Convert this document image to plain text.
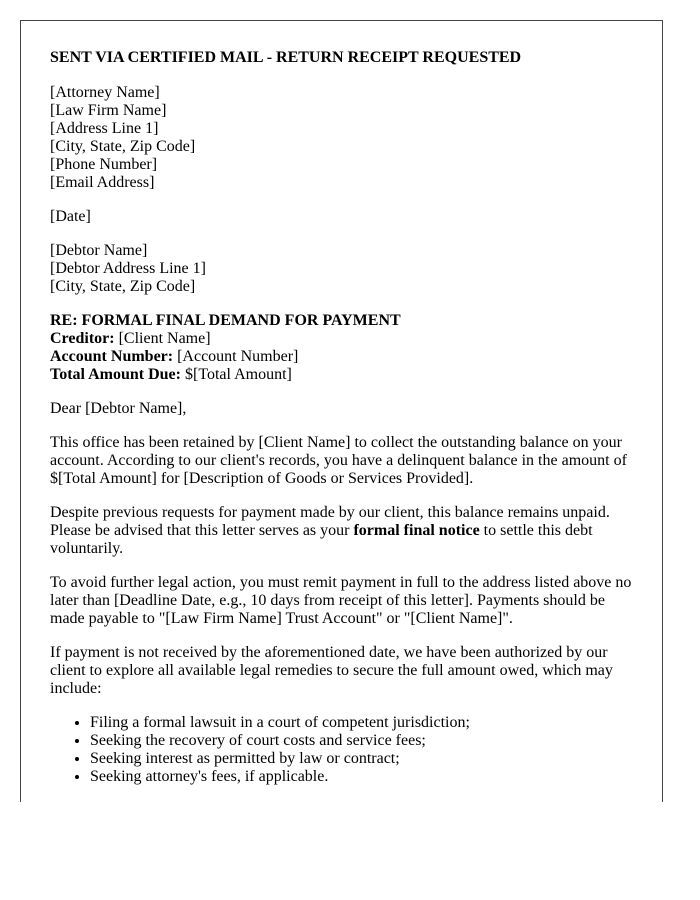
SENT VIA CERTIFIED MAIL - RETURN RECEIPT REQUESTED

[Attorney Name]
[Law Firm Name]
[Address Line 1]
[City, State, Zip Code]
[Phone Number]
[Email Address]

[Date]

[Debtor Name]
[Debtor Address Line 1]
[City, State, Zip Code]

RE: FORMAL FINAL DEMAND FOR PAYMENT
Creditor: [Client Name]
Account Number: [Account Number]
Total Amount Due: $[Total Amount]

Dear [Debtor Name],

This office has been retained by [Client Name] to collect the outstanding balance on your account. According to our client's records, you have a delinquent balance in the amount of $[Total Amount] for [Description of Goods or Services Provided].

Despite previous requests for payment made by our client, this balance remains unpaid. Please be advised that this letter serves as your formal final notice to settle this debt voluntarily.

To avoid further legal action, you must remit payment in full to the address listed above no later than [Deadline Date, e.g., 10 days from receipt of this letter]. Payments should be made payable to "[Law Firm Name] Trust Account" or "[Client Name]".

If payment is not received by the aforementioned date, we have been authorized by our client to explore all available legal remedies to secure the full amount owed, which may include:

• Filing a formal lawsuit in a court of competent jurisdiction;
• Seeking the recovery of court costs and service fees;
• Seeking interest as permitted by law or contract;
• Seeking attorney's fees, if applicable.
